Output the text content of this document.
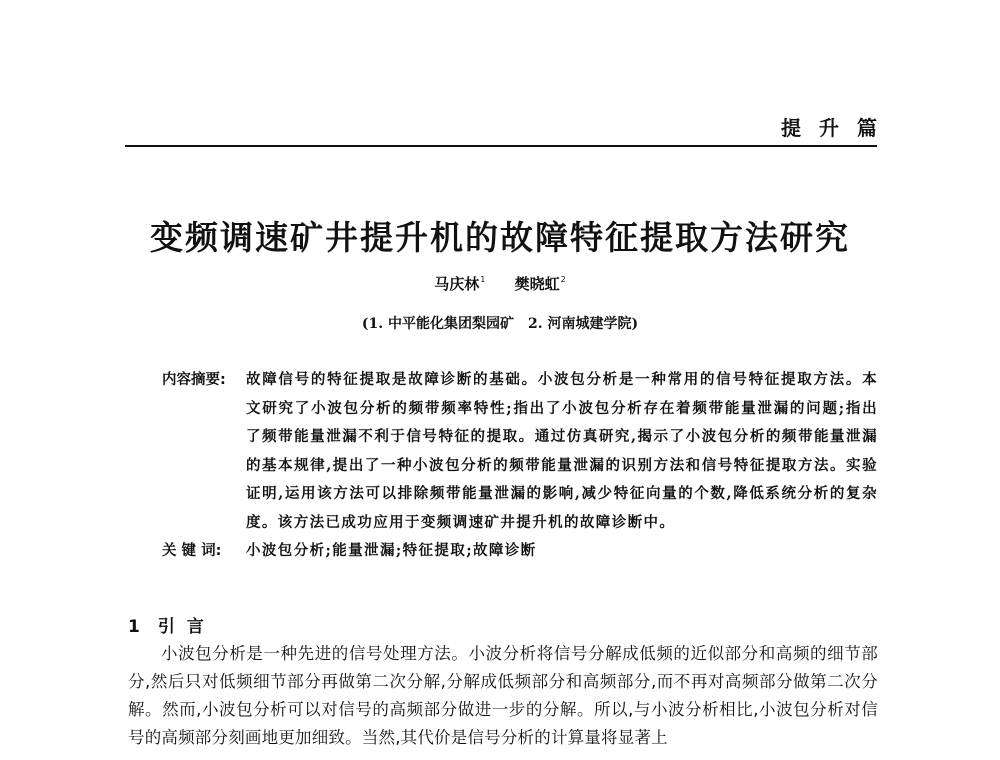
提升篇
变频调速矿井提升机的故障特征提取方法研究
马庆林$^1$ 樊晓虹$^2$
(1. 中平能化集团梨园矿　2. 河南城建学院)
内容摘要:	故障信号的特征提取是故障诊断的基础。小波包分析是一种常用的信号特征提取方法。本文研究了小波包分析的频带频率特性;指出了小波包分析存在着频带能量泄漏的问题;指出了频带能量泄漏不利于信号特征的提取。通过仿真研究,揭示了小波包分析的频带能量泄漏的基本规律,提出了一种小波包分析的频带能量泄漏的识别方法和信号特征提取方法。实验证明,运用该方法可以排除频带能量泄漏的影响,减少特征向量的个数,降低系统分析的复杂度。该方法已成功应用于变频调速矿井提升机的故障诊断中。
关 键 词:	小波包分析;能量泄漏;特征提取;故障诊断
1 引言
小波包分析是一种先进的信号处理方法。小波分析将信号分解成低频的近似部分和高频的细节部分,然后只对低频细节部分再做第二次分解,分解成低频部分和高频部分,而不再对高频部分做第二次分解。然而,小波包分析可以对信号的高频部分做进一步的分解。所以,与小波分析相比,小波包分析对信号的高频部分刻画地更加细致。当然,其代价是信号分析的计算量将显著上
